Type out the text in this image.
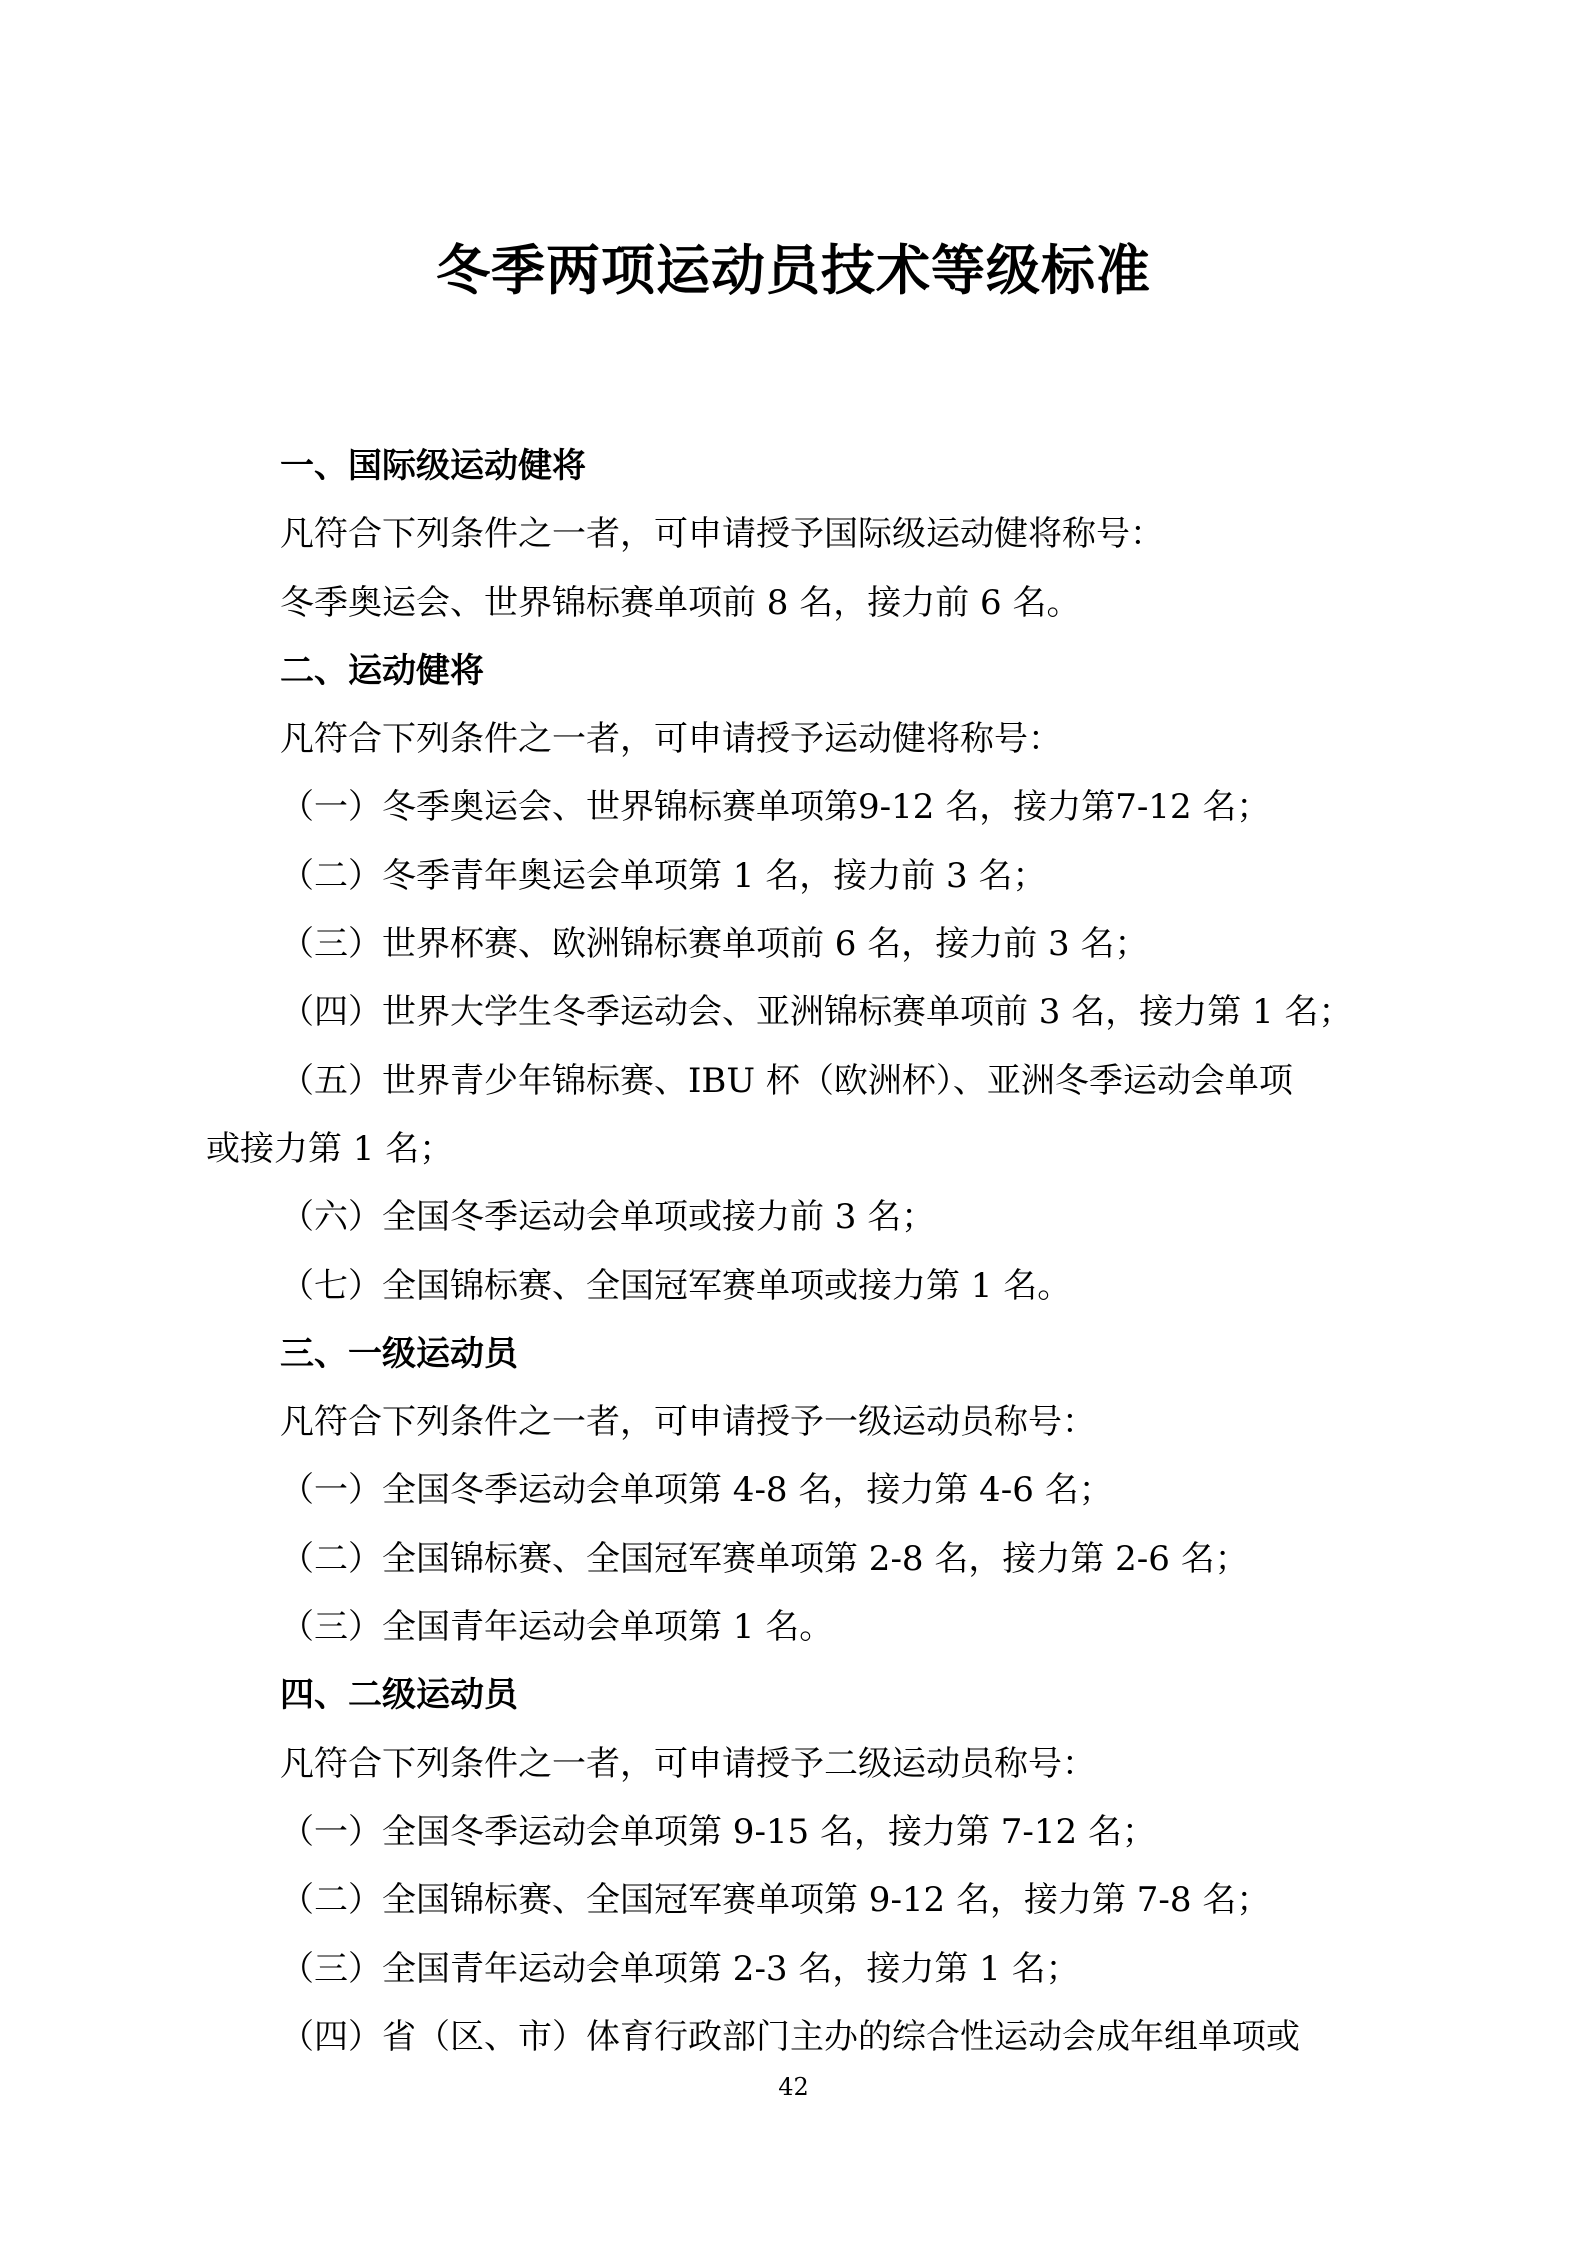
冬季两项运动员技术等级标准
一、国际级运动健将
凡符合下列条件之一者，可申请授予国际级运动健将称号：
冬季奥运会、世界锦标赛单项前 8 名，接力前 6 名。
二、运动健将
凡符合下列条件之一者，可申请授予运动健将称号：
（一）冬季奥运会、世界锦标赛单项第9-12 名，接力第7-12 名；
（二）冬季青年奥运会单项第 1 名，接力前 3 名；
（三）世界杯赛、欧洲锦标赛单项前 6 名，接力前 3 名；
（四）世界大学生冬季运动会、亚洲锦标赛单项前 3 名，接力第 1 名；
（五）世界青少年锦标赛、IBU 杯（欧洲杯）、亚洲冬季运动会单项
或接力第 1 名；
（六）全国冬季运动会单项或接力前 3 名；
（七）全国锦标赛、全国冠军赛单项或接力第 1 名。
三、一级运动员
凡符合下列条件之一者，可申请授予一级运动员称号：
（一）全国冬季运动会单项第 4-8 名，接力第 4-6 名；
（二）全国锦标赛、全国冠军赛单项第 2-8 名，接力第 2-6 名；
（三）全国青年运动会单项第 1 名。
四、二级运动员
凡符合下列条件之一者，可申请授予二级运动员称号：
（一）全国冬季运动会单项第 9-15 名，接力第 7-12 名；
（二）全国锦标赛、全国冠军赛单项第 9-12 名，接力第 7-8 名；
（三）全国青年运动会单项第 2-3 名，接力第 1 名；
（四）省（区、市）体育行政部门主办的综合性运动会成年组单项或
42
